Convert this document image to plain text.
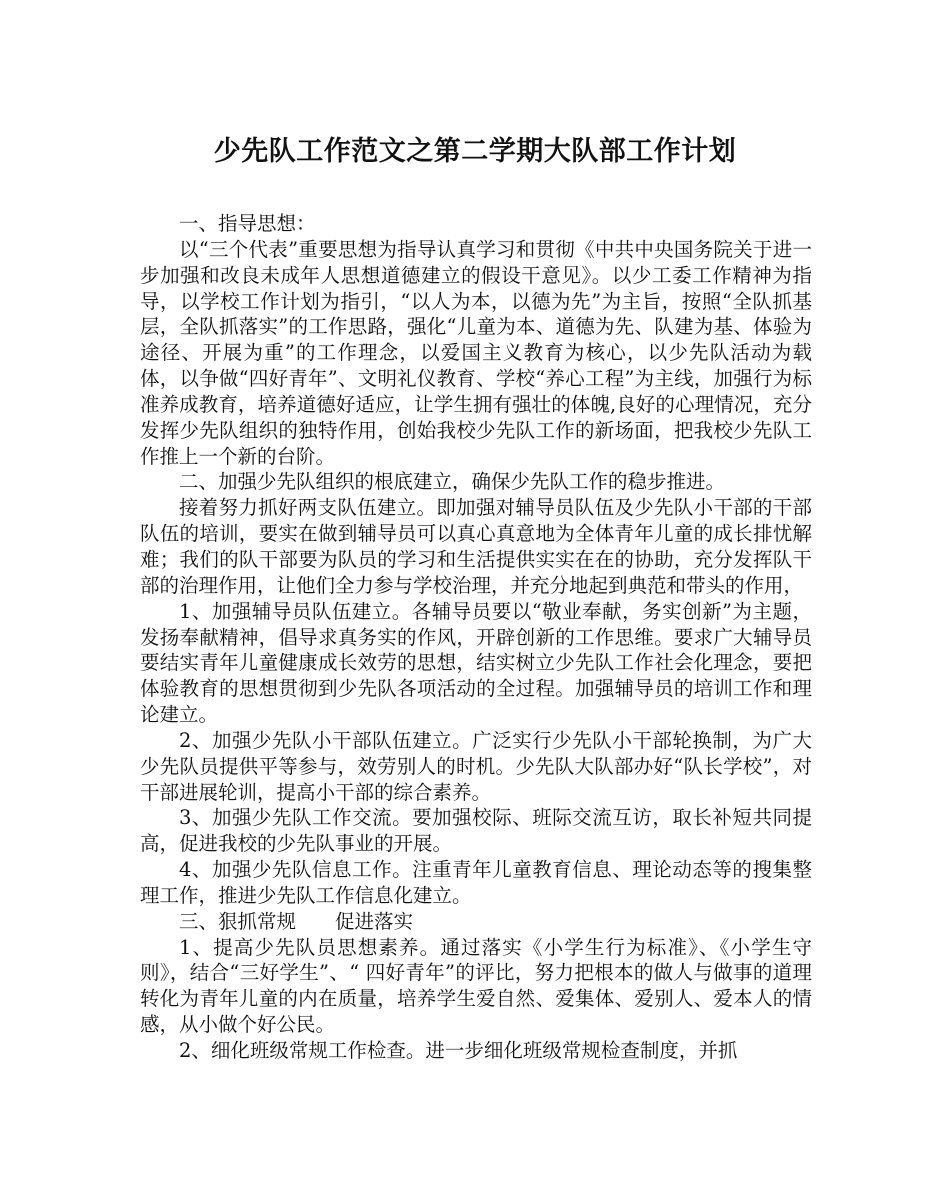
少先队工作范文之第二学期大队部工作计划

一、指导思想：

以“三个代表”重要思想为指导认真学习和贯彻《中共中央国务院关于进一步加强和改良未成年人思想道德建立的假设干意见》。以少工委工作精神为指导，以学校工作计划为指引，“以人为本，以德为先”为主旨，按照“全队抓基层，全队抓落实”的工作思路，强化“儿童为本、道德为先、队建为基、体验为途径、开展为重”的工作理念，以爱国主义教育为核心，以少先队活动为载体，以争做“四好青年”、文明礼仪教育、学校“养心工程”为主线，加强行为标准养成教育，培养道德好适应，让学生拥有强壮的体魄,良好的心理情况，充分发挥少先队组织的独特作用，创始我校少先队工作的新场面，把我校少先队工作推上一个新的台阶。

二、加强少先队组织的根底建立，确保少先队工作的稳步推进。

接着努力抓好两支队伍建立。即加强对辅导员队伍及少先队小干部的干部队伍的培训，要实在做到辅导员可以真心真意地为全体青年儿童的成长排忧解难；我们的队干部要为队员的学习和生活提供实实在在的协助，充分发挥队干部的治理作用，让他们全力参与学校治理，并充分地起到典范和带头的作用，

1、加强辅导员队伍建立。各辅导员要以“敬业奉献，务实创新”为主题，发扬奉献精神，倡导求真务实的作风，开辟创新的工作思维。要求广大辅导员要结实青年儿童健康成长效劳的思想，结实树立少先队工作社会化理念，要把体验教育的思想贯彻到少先队各项活动的全过程。加强辅导员的培训工作和理论建立。

2、加强少先队小干部队伍建立。广泛实行少先队小干部轮换制，为广大少先队员提供平等参与，效劳别人的时机。少先队大队部办好“队长学校”，对干部进展轮训，提高小干部的综合素养。

3、加强少先队工作交流。要加强校际、班际交流互访，取长补短共同提高，促进我校的少先队事业的开展。

4、加强少先队信息工作。注重青年儿童教育信息、理论动态等的搜集整理工作，推进少先队工作信息化建立。

三、狠抓常规　　促进落实

1、提高少先队员思想素养。通过落实《小学生行为标准》、《小学生守则》，结合“三好学生”、“ 四好青年”的评比，努力把根本的做人与做事的道理转化为青年儿童的内在质量，培养学生爱自然、爱集体、爱别人、爱本人的情感，从小做个好公民。

2、细化班级常规工作检查。进一步细化班级常规检查制度，并抓
